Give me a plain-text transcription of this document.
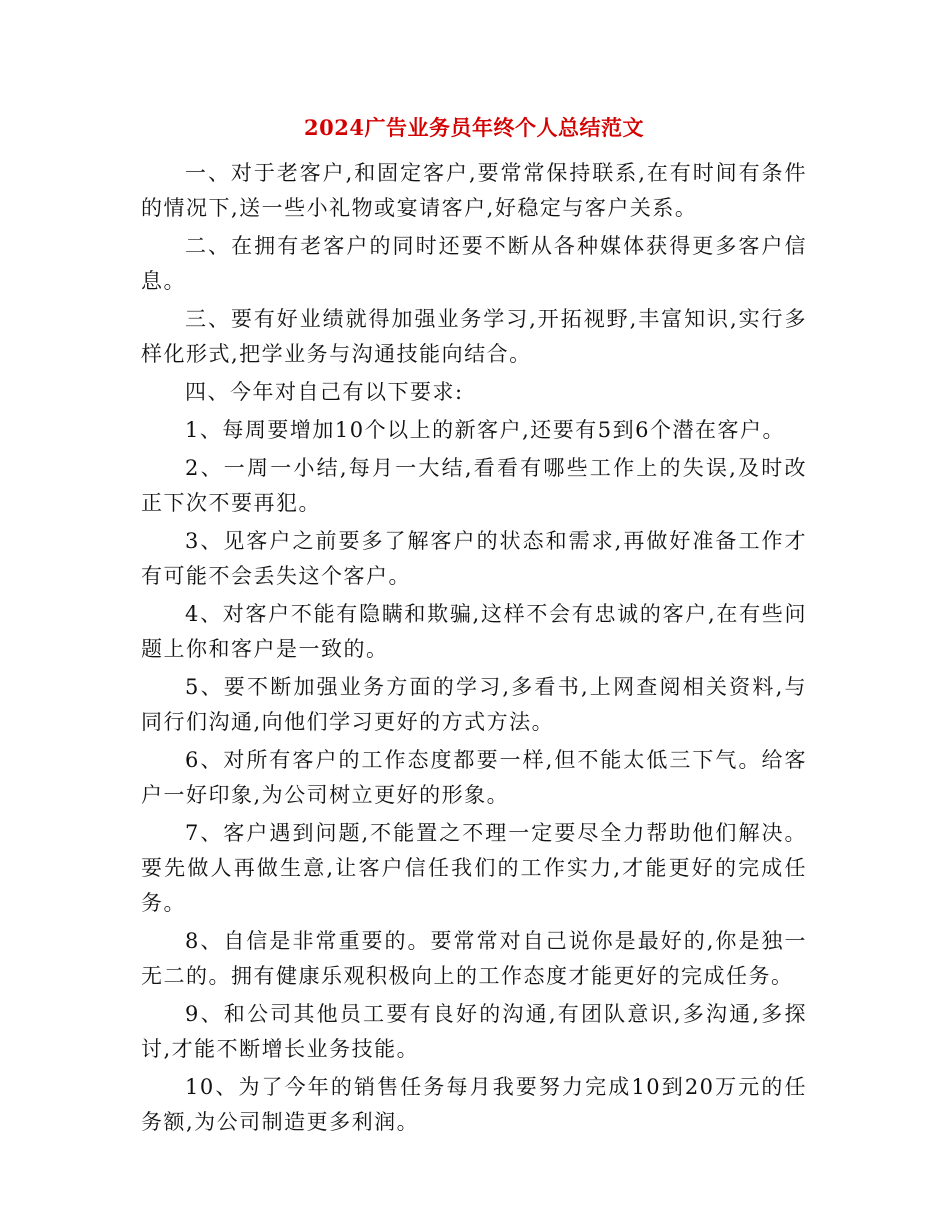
2024广告业务员年终个人总结范文

一、对于老客户,和固定客户,要常常保持联系,在有时间有条件的情况下,送一些小礼物或宴请客户,好稳定与客户关系。

二、在拥有老客户的同时还要不断从各种媒体获得更多客户信息。

三、要有好业绩就得加强业务学习,开拓视野,丰富知识,实行多样化形式,把学业务与沟通技能向结合。

四、今年对自己有以下要求:

1、每周要增加10个以上的新客户,还要有5到6个潜在客户。

2、一周一小结,每月一大结,看看有哪些工作上的失误,及时改正下次不要再犯。

3、见客户之前要多了解客户的状态和需求,再做好准备工作才有可能不会丢失这个客户。

4、对客户不能有隐瞒和欺骗,这样不会有忠诚的客户,在有些问题上你和客户是一致的。

5、要不断加强业务方面的学习,多看书,上网查阅相关资料,与同行们沟通,向他们学习更好的方式方法。

6、对所有客户的工作态度都要一样,但不能太低三下气。给客户一好印象,为公司树立更好的形象。

7、客户遇到问题,不能置之不理一定要尽全力帮助他们解决。要先做人再做生意,让客户信任我们的工作实力,才能更好的完成任务。

8、自信是非常重要的。要常常对自己说你是最好的,你是独一无二的。拥有健康乐观积极向上的工作态度才能更好的完成任务。

9、和公司其他员工要有良好的沟通,有团队意识,多沟通,多探讨,才能不断增长业务技能。

10、为了今年的销售任务每月我要努力完成10到20万元的任务额,为公司制造更多利润。
